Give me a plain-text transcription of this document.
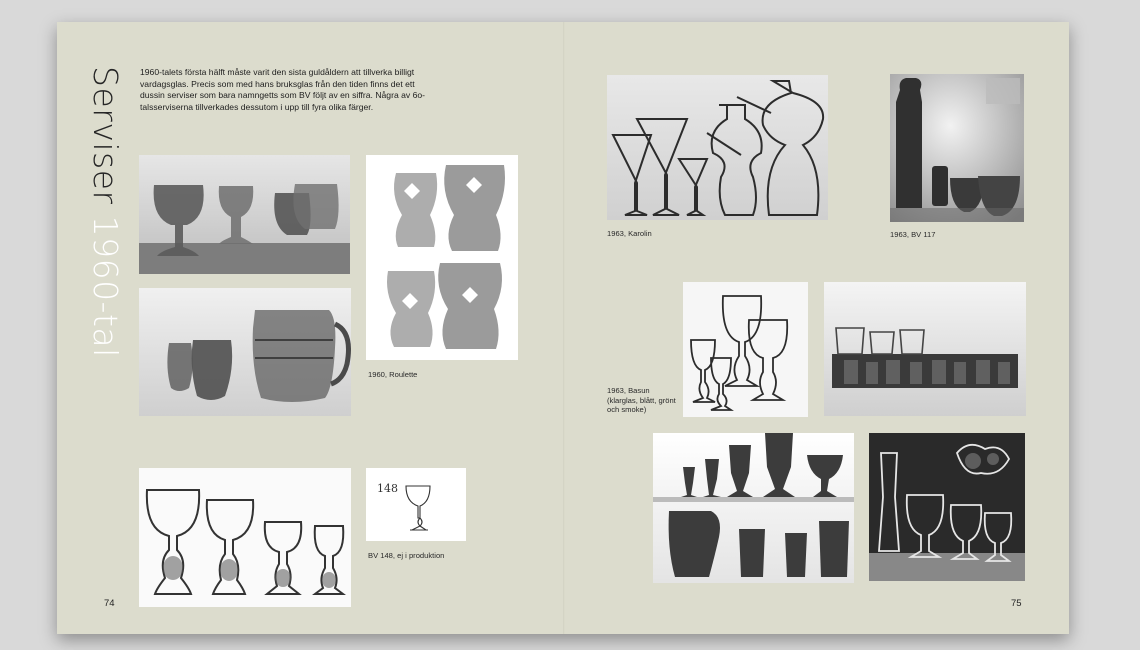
Serviser 1960-tal

1960-talets första hälft måste varit den sista guldåldern att tillverka billigt vardagsglas. Precis som med hans bruksglas från den tiden finns det ett dussin serviser som bara namngetts som BV följt av en siffra. Några av 6o-talsserviserna tillverkades dessutom i upp till fyra olika färger.

1960, Roulette
148
BV 148, ej i produktion
74
1963, Karolin	1963, BV 117
1963, Basun
(klarglas, blått, grönt
och smoke)
75
